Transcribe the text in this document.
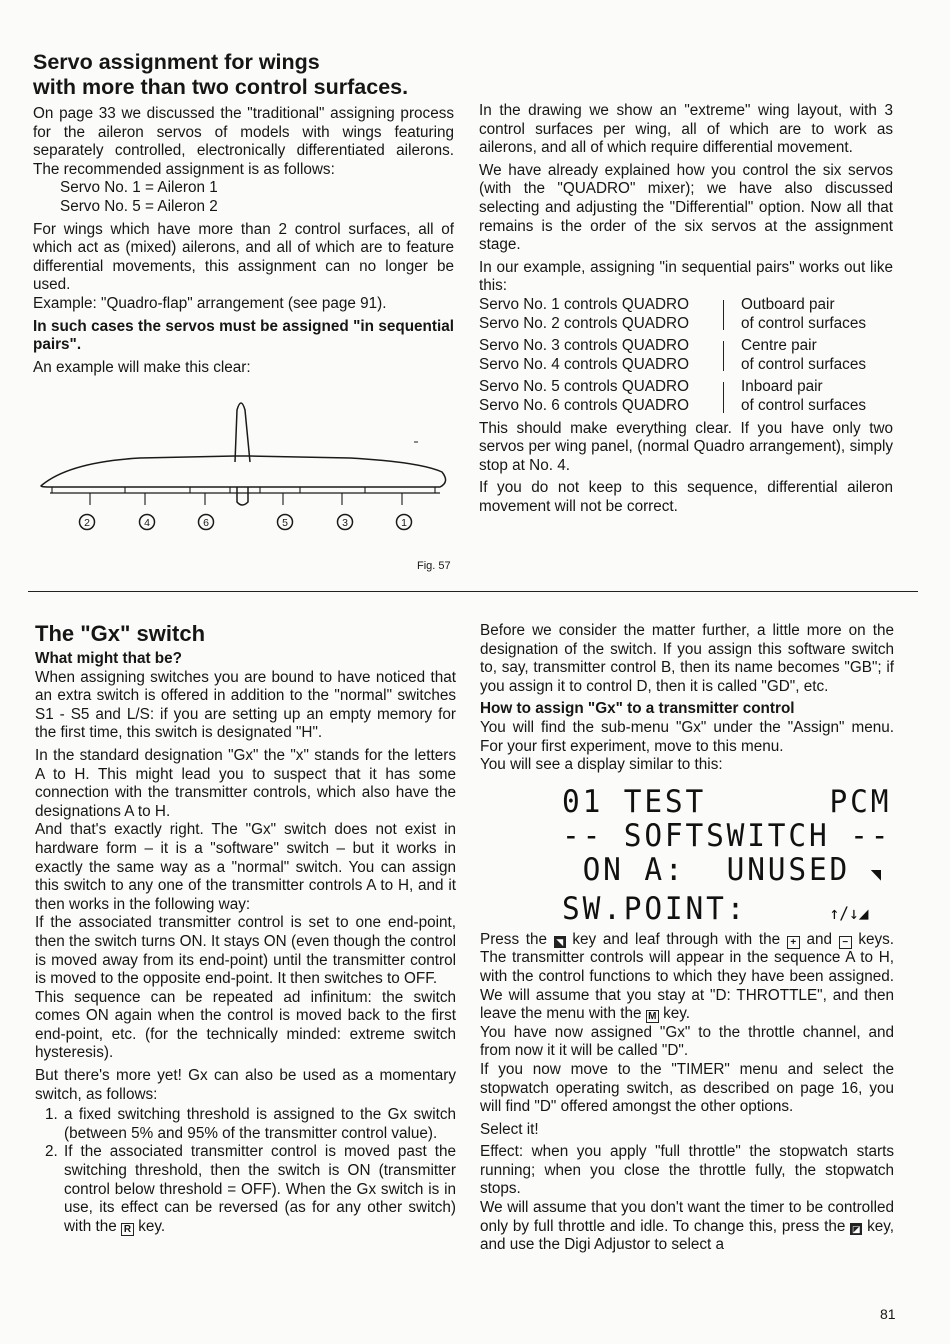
Servo assignment for wings

with more than two control surfaces.

On page 33 we discussed the "traditional" assigning process for the aileron servos of models with wings featuring separately controlled, electronically differentiated ailerons. The recommended assignment is as follows:

Servo No. 1 = Aileron 1

Servo No. 5 = Aileron 2

For wings which have more than 2 control surfaces, all of which act as (mixed) ailerons, and all of which are to feature differential movements, this assignment can no longer be used.

Example: "Quadro-flap" arrangement (see page 91).

In such cases the servos must be assigned "in sequential pairs".

An example will make this clear:

2	4	6	5	3	1
Fig. 57

In the drawing we show an "extreme" wing layout, with 3 control surfaces per wing, all of which are to work as ailerons, and all of which require differential movement.

We have already explained how you control the six servos (with the "QUADRO" mixer); we have also discussed selecting and adjusting the "Differential" option. Now all that remains is the order of the six servos at the assignment stage.

In our example, assigning "in sequential pairs" works out like this:

Servo No. 1 controls QUADRO
Servo No. 2 controls QUADRO
Outboard pair
of control surfaces
Servo No. 3 controls QUADRO
Servo No. 4 controls QUADRO
Centre pair
of control surfaces
Servo No. 5 controls QUADRO
Servo No. 6 controls QUADRO
Inboard pair
of control surfaces

This should make everything clear. If you have only two servos per wing panel, (normal Quadro arrangement), simply stop at No. 4.

If you do not keep to this sequence, differential aileron movement will not be correct.

The "Gx" switch

What might that be?

When assigning switches you are bound to have noticed that an extra switch is offered in addition to the "normal" switches S1 - S5 and L/S: if you are setting up an empty memory for the first time, this switch is designated "H".

In the standard designation "Gx" the "x" stands for the letters A to H. This might lead you to suspect that it has some connection with the transmitter controls, which also have the designations A to H.

And that's exactly right. The "Gx" switch does not exist in hardware form – it is a "software" switch – but it works in exactly the same way as a "normal" switch. You can assign this switch to any one of the transmitter controls A to H, and it then works in the following way:

If the associated transmitter control is set to one end-point, then the switch turns ON. It stays ON (even though the control is moved away from its end-point) until the transmitter control is moved to the opposite end-point. It then switches to OFF.

This sequence can be repeated ad infinitum: the switch comes ON again when the control is moved back to the first end-point, etc. (for the technically minded: extreme switch hysteresis).

But there's more yet! Gx can also be used as a momentary switch, as follows:

1. a fixed switching threshold is assigned to the Gx switch (between 5% and 95% of the transmitter control value).
2. If the associated transmitter control is moved past the switching threshold, then the switch is ON (transmitter control below threshold = OFF). When the Gx switch is in use, its effect can be reversed (as for any other switch) with the R key.

Before we consider the matter further, a little more on the designation of the switch. If you assign this software switch to, say, transmitter control B, then its name becomes "GB"; if you assign it to control D, then it is called "GD", etc.

How to assign "Gx" to a transmitter control

You will find the sub-menu "Gx" under the "Assign" menu. For your first experiment, move to this menu.

You will see a display similar to this:

01 TEST      PCM
-- SOFTSWITCH --
ON A:  UNUSED ◥
SW.POINT:    ↑/↓◢

Press the ◥ key and leaf through with the + and − keys. The transmitter controls will appear in the sequence A to H, with the control functions to which they have been assigned. We will assume that you stay at "D: THROTTLE", and then leave the menu with the M key.

You have now assigned "Gx" to the throttle channel, and from now it it will be called "D".

If you now move to the "TIMER" menu and select the stopwatch operating switch, as described on page 16, you will find "D" offered amongst the other options.

Select it!

Effect: when you apply "full throttle" the stopwatch starts running; when you close the throttle fully, the stopwatch stops.

We will assume that you don't want the timer to be controlled only by full throttle and idle. To change this, press the ◪ key, and use the Digi Adjustor to select a

81
